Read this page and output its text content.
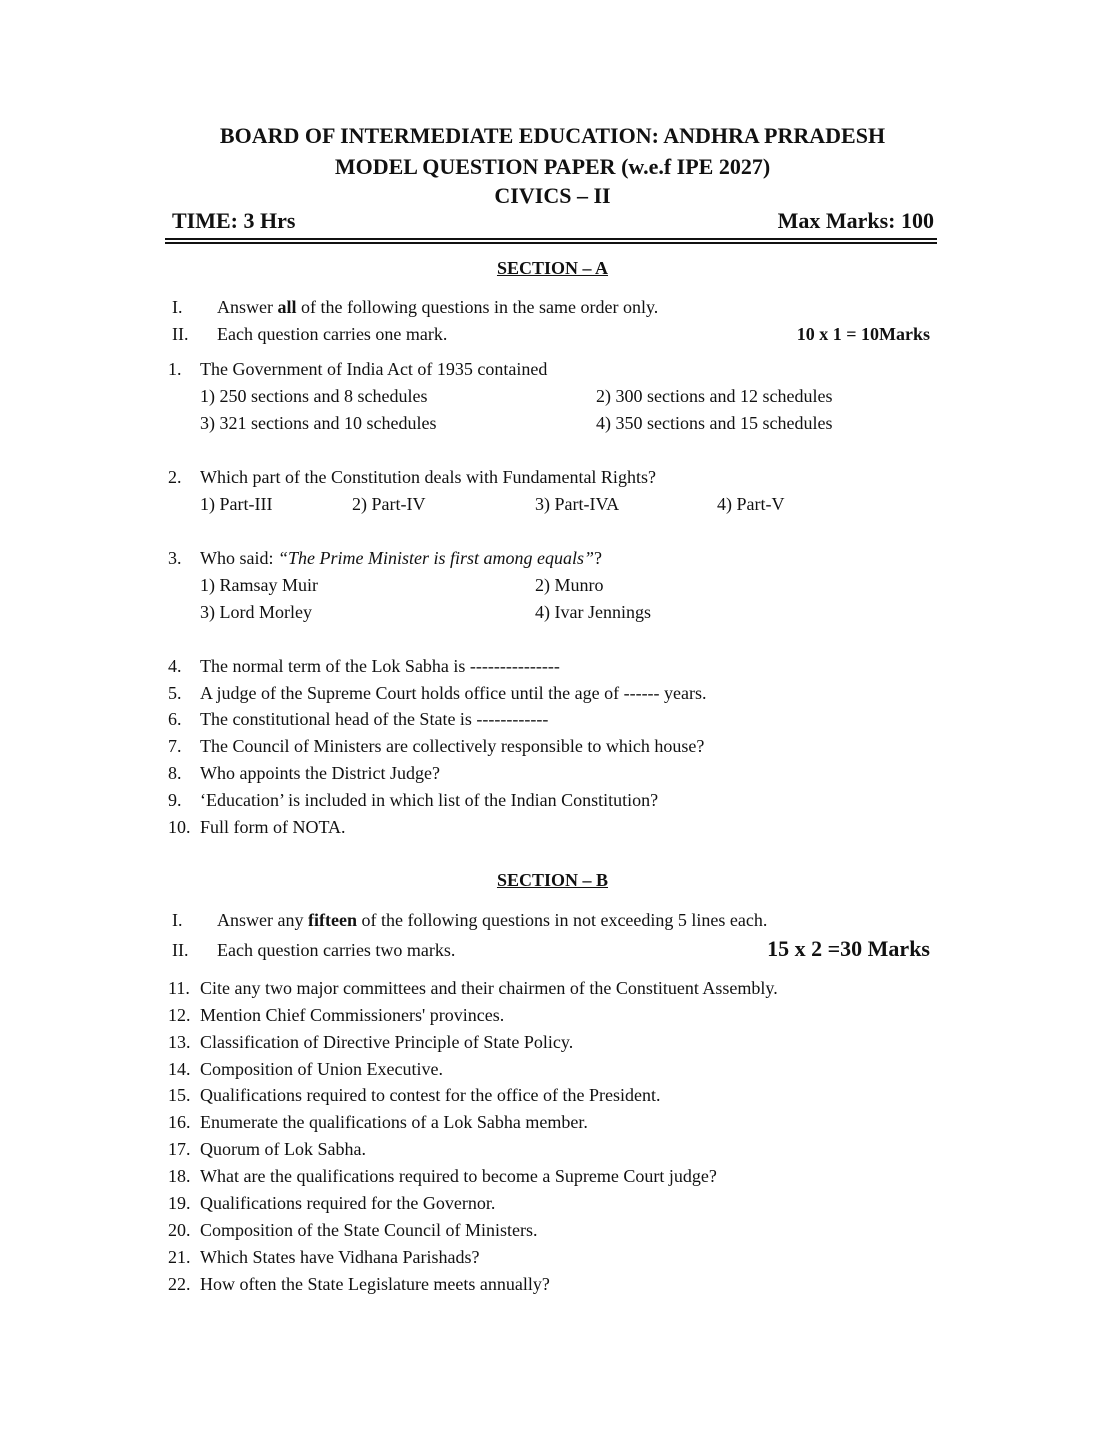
BOARD OF INTERMEDIATE EDUCATION: ANDHRA PRRADESH
MODEL QUESTION PAPER (w.e.f IPE 2027)
CIVICS – II
TIME: 3 Hrs	Max Marks: 100
SECTION – A
I.	Answer all of the following questions in the same order only.
II.	Each question carries one mark.	10 x 1 = 10Marks
1. The Government of India Act of 1935 contained
1) 250 sections and 8 schedules	2) 300 sections and 12 schedules
3) 321 sections and 10 schedules	4) 350 sections and 15 schedules
2. Which part of the Constitution deals with Fundamental Rights?
1) Part-III	2) Part-IV	3) Part-IVA	4) Part-V
3. Who said: “The Prime Minister is first among equals”?
1) Ramsay Muir	2) Munro
3) Lord Morley	4) Ivar Jennings
4. The normal term of the Lok Sabha is ---------------
5. A judge of the Supreme Court holds office until the age of ------ years.
6. The constitutional head of the State is ------------
7. The Council of Ministers are collectively responsible to which house?
8. Who appoints the District Judge?
9. ‘Education’ is included in which list of the Indian Constitution?
10. Full form of NOTA.
SECTION – B
I.	Answer any fifteen of the following questions in not exceeding 5 lines each.
II.	Each question carries two marks.	15 x 2 =30 Marks
11. Cite any two major committees and their chairmen of the Constituent Assembly.
12. Mention Chief Commissioners' provinces.
13. Classification of Directive Principle of State Policy.
14. Composition of Union Executive.
15. Qualifications required to contest for the office of the President.
16. Enumerate the qualifications of a Lok Sabha member.
17. Quorum of Lok Sabha.
18. What are the qualifications required to become a Supreme Court judge?
19. Qualifications required for the Governor.
20. Composition of the State Council of Ministers.
21. Which States have Vidhana Parishads?
22. How often the State Legislature meets annually?
